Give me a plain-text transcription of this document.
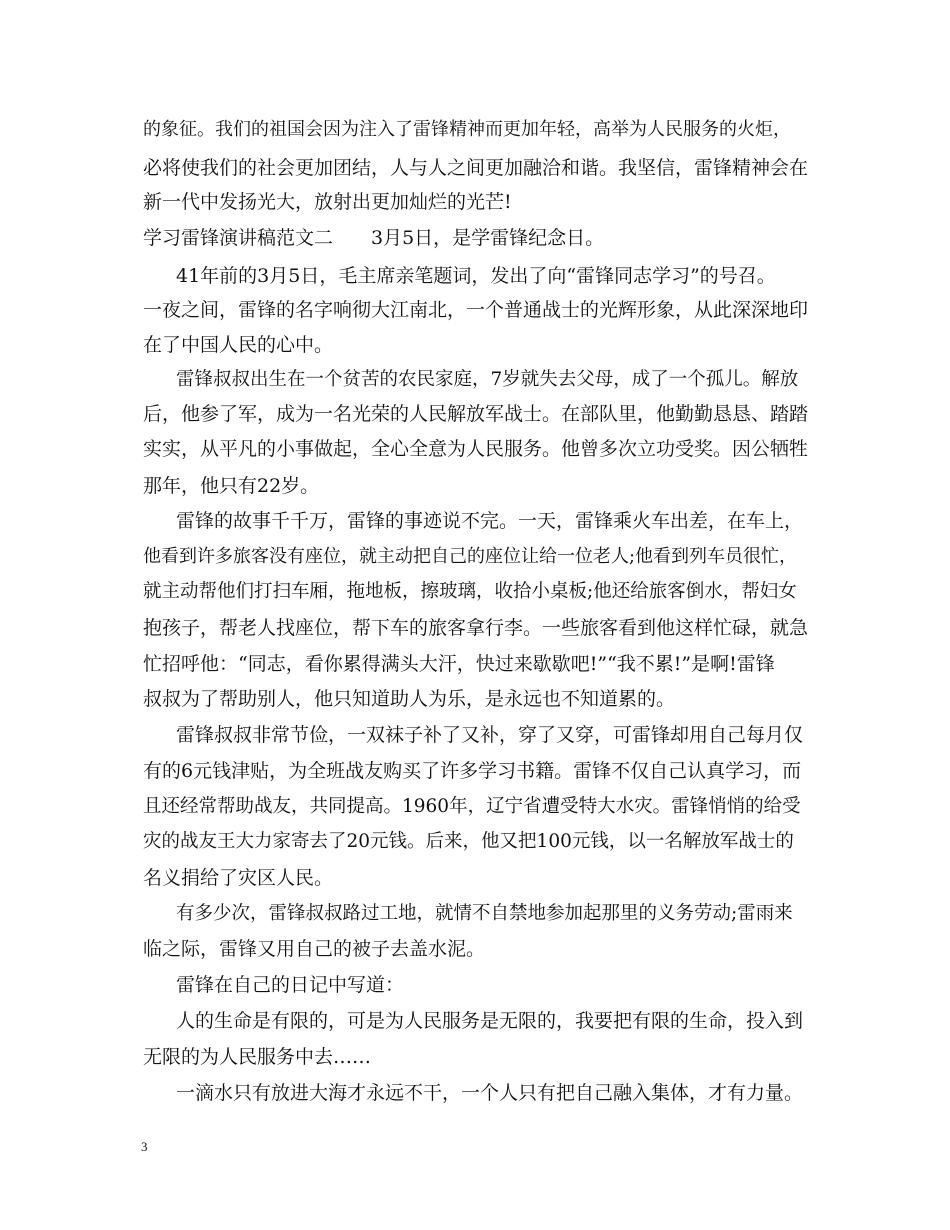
的象征。我们的祖国会因为注入了雷锋精神而更加年轻，高举为人民服务的火炬，
必将使我们的社会更加团结，人与人之间更加融洽和谐。我坚信，雷锋精神会在
新一代中发扬光大，放射出更加灿烂的光芒!
学习雷锋演讲稿范文二　　3月5日，是学雷锋纪念日。
41年前的3月5日，毛主席亲笔题词，发出了向“雷锋同志学习”的号召。
一夜之间，雷锋的名字响彻大江南北，一个普通战士的光辉形象，从此深深地印
在了中国人民的心中。
雷锋叔叔出生在一个贫苦的农民家庭，7岁就失去父母，成了一个孤儿。解放
后，他参了军，成为一名光荣的人民解放军战士。在部队里，他勤勤恳恳、踏踏
实实，从平凡的小事做起，全心全意为人民服务。他曾多次立功受奖。因公牺牲
那年，他只有22岁。
雷锋的故事千千万，雷锋的事迹说不完。一天，雷锋乘火车出差，在车上，
他看到许多旅客没有座位，就主动把自己的座位让给一位老人;他看到列车员很忙，
就主动帮他们打扫车厢，拖地板，擦玻璃，收拾小桌板;他还给旅客倒水，帮妇女
抱孩子，帮老人找座位，帮下车的旅客拿行李。一些旅客看到他这样忙碌，就急
忙招呼他：“同志，看你累得满头大汗，快过来歇歇吧!”“我不累!”是啊!雷锋
叔叔为了帮助别人，他只知道助人为乐，是永远也不知道累的。
雷锋叔叔非常节俭，一双袜子补了又补，穿了又穿，可雷锋却用自己每月仅
有的6元钱津贴，为全班战友购买了许多学习书籍。雷锋不仅自己认真学习，而
且还经常帮助战友，共同提高。1960年，辽宁省遭受特大水灾。雷锋悄悄的给受
灾的战友王大力家寄去了20元钱。后来，他又把100元钱，以一名解放军战士的
名义捐给了灾区人民。
有多少次，雷锋叔叔路过工地，就情不自禁地参加起那里的义务劳动;雷雨来
临之际，雷锋又用自己的被子去盖水泥。
雷锋在自己的日记中写道：
人的生命是有限的，可是为人民服务是无限的，我要把有限的生命，投入到
无限的为人民服务中去……
一滴水只有放进大海才永远不干，一个人只有把自己融入集体，才有力量。
3
